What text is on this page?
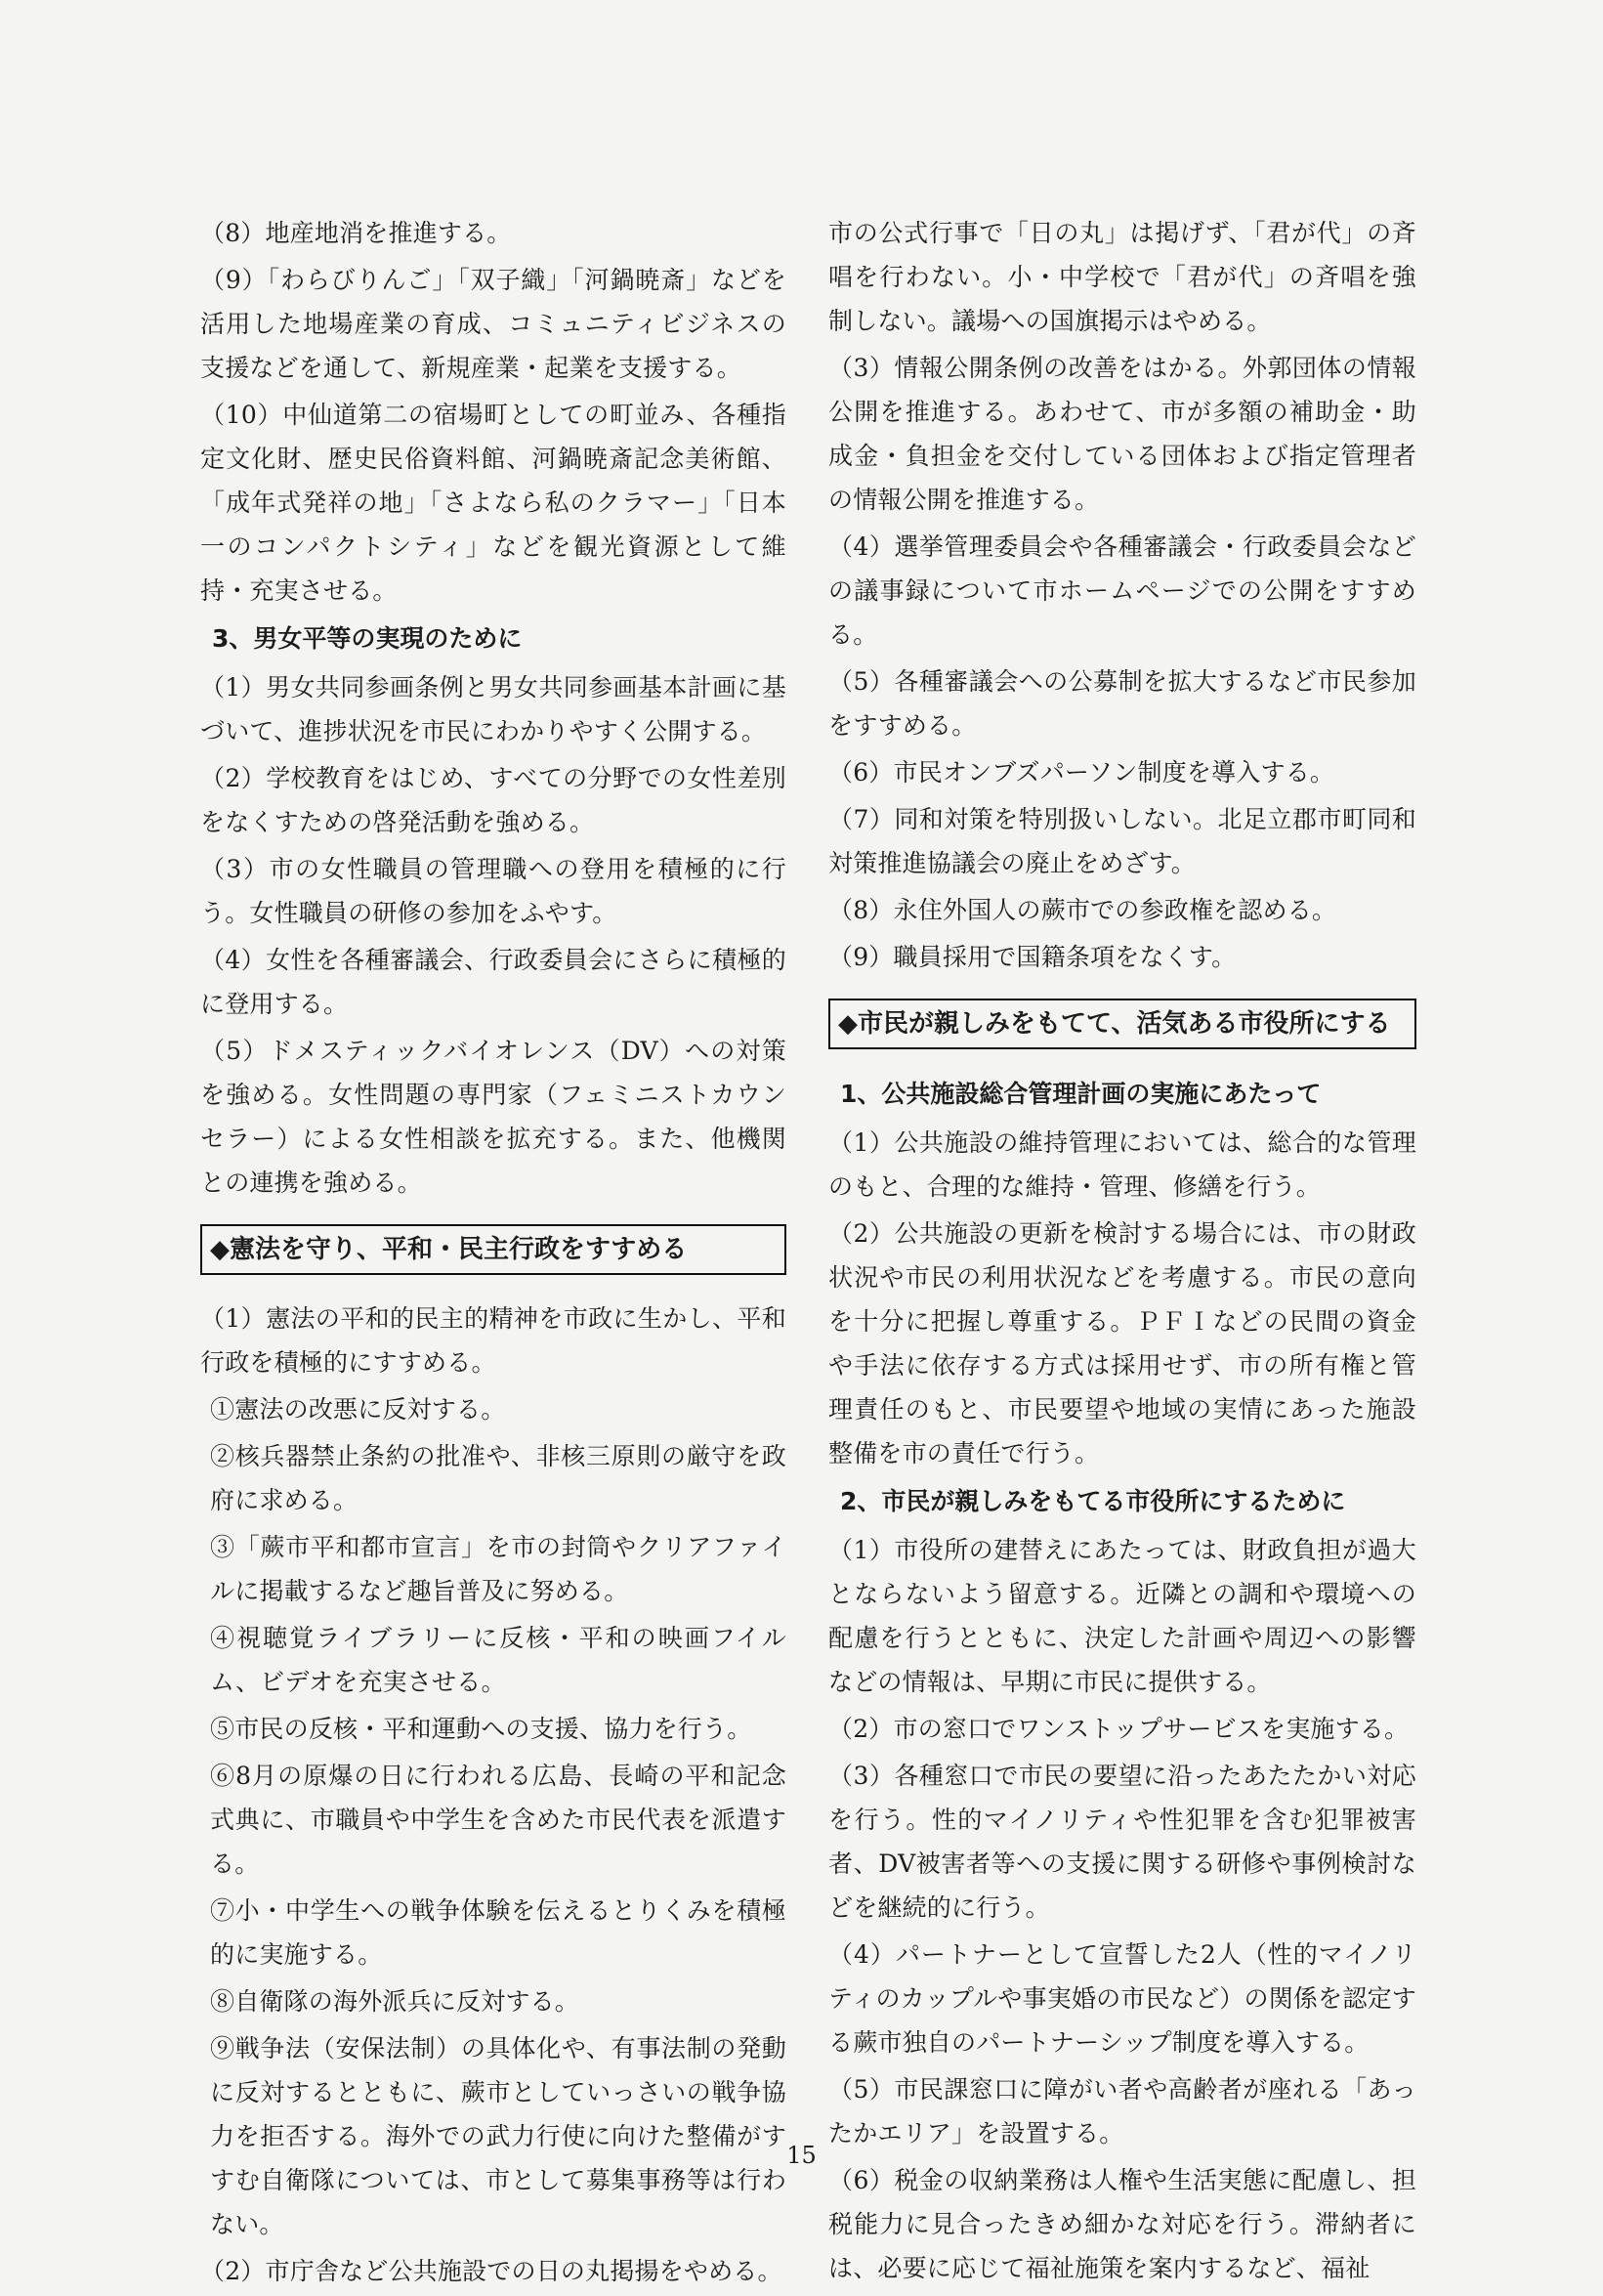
（8）地産地消を推進する。
（9）「わらびりんご」「双子織」「河鍋暁斎」などを活用した地場産業の育成、コミュニティビジネスの支援などを通して、新規産業・起業を支援する。
（10）中仙道第二の宿場町としての町並み、各種指定文化財、歴史民俗資料館、河鍋暁斎記念美術館、「成年式発祥の地」「さよなら私のクラマー」「日本一のコンパクトシティ」などを観光資源として維持・充実させる。
3、男女平等の実現のために
（1）男女共同参画条例と男女共同参画基本計画に基づいて、進捗状況を市民にわかりやすく公開する。
（2）学校教育をはじめ、すべての分野での女性差別をなくすための啓発活動を強める。
（3）市の女性職員の管理職への登用を積極的に行う。女性職員の研修の参加をふやす。
（4）女性を各種審議会、行政委員会にさらに積極的に登用する。
（5）ドメスティックバイオレンス（DV）への対策を強める。女性問題の専門家（フェミニストカウンセラー）による女性相談を拡充する。また、他機関との連携を強める。
◆憲法を守り、平和・民主行政をすすめる
（1）憲法の平和的民主的精神を市政に生かし、平和行政を積極的にすすめる。
①憲法の改悪に反対する。
②核兵器禁止条約の批准や、非核三原則の厳守を政府に求める。
③「蕨市平和都市宣言」を市の封筒やクリアファイルに掲載するなど趣旨普及に努める。
④視聴覚ライブラリーに反核・平和の映画フイルム、ビデオを充実させる。
⑤市民の反核・平和運動への支援、協力を行う。
⑥8月の原爆の日に行われる広島、長崎の平和記念式典に、市職員や中学生を含めた市民代表を派遣する。
⑦小・中学生への戦争体験を伝えるとりくみを積極的に実施する。
⑧自衛隊の海外派兵に反対する。
⑨戦争法（安保法制）の具体化や、有事法制の発動に反対するとともに、蕨市としていっさいの戦争協力を拒否する。海外での武力行使に向けた整備がすすむ自衛隊については、市として募集事務等は行わない。
（2）市庁舎など公共施設での日の丸掲揚をやめる。
市の公式行事で「日の丸」は掲げず、「君が代」の斉唱を行わない。小・中学校で「君が代」の斉唱を強制しない。議場への国旗掲示はやめる。
（3）情報公開条例の改善をはかる。外郭団体の情報公開を推進する。あわせて、市が多額の補助金・助成金・負担金を交付している団体および指定管理者の情報公開を推進する。
（4）選挙管理委員会や各種審議会・行政委員会などの議事録について市ホームページでの公開をすすめる。
（5）各種審議会への公募制を拡大するなど市民参加をすすめる。
（6）市民オンブズパーソン制度を導入する。
（7）同和対策を特別扱いしない。北足立郡市町同和対策推進協議会の廃止をめざす。
（8）永住外国人の蕨市での参政権を認める。
（9）職員採用で国籍条項をなくす。
◆市民が親しみをもてて、活気ある市役所にする
1、公共施設総合管理計画の実施にあたって
（1）公共施設の維持管理においては、総合的な管理のもと、合理的な維持・管理、修繕を行う。
（2）公共施設の更新を検討する場合には、市の財政状況や市民の利用状況などを考慮する。市民の意向を十分に把握し尊重する。ＰＦＩなどの民間の資金や手法に依存する方式は採用せず、市の所有権と管理責任のもと、市民要望や地域の実情にあった施設整備を市の責任で行う。
2、市民が親しみをもてる市役所にするために
（1）市役所の建替えにあたっては、財政負担が過大とならないよう留意する。近隣との調和や環境への配慮を行うとともに、決定した計画や周辺への影響などの情報は、早期に市民に提供する。
（2）市の窓口でワンストップサービスを実施する。
（3）各種窓口で市民の要望に沿ったあたたかい対応を行う。性的マイノリティや性犯罪を含む犯罪被害者、DV被害者等への支援に関する研修や事例検討などを継続的に行う。
（4）パートナーとして宣誓した2人（性的マイノリティのカップルや事実婚の市民など）の関係を認定する蕨市独自のパートナーシップ制度を導入する。
（5）市民課窓口に障がい者や高齢者が座れる「あったかエリア」を設置する。
（6）税金の収納業務は人権や生活実態に配慮し、担税能力に見合ったきめ細かな対応を行う。滞納者には、必要に応じて福祉施策を案内するなど、福祉
15
